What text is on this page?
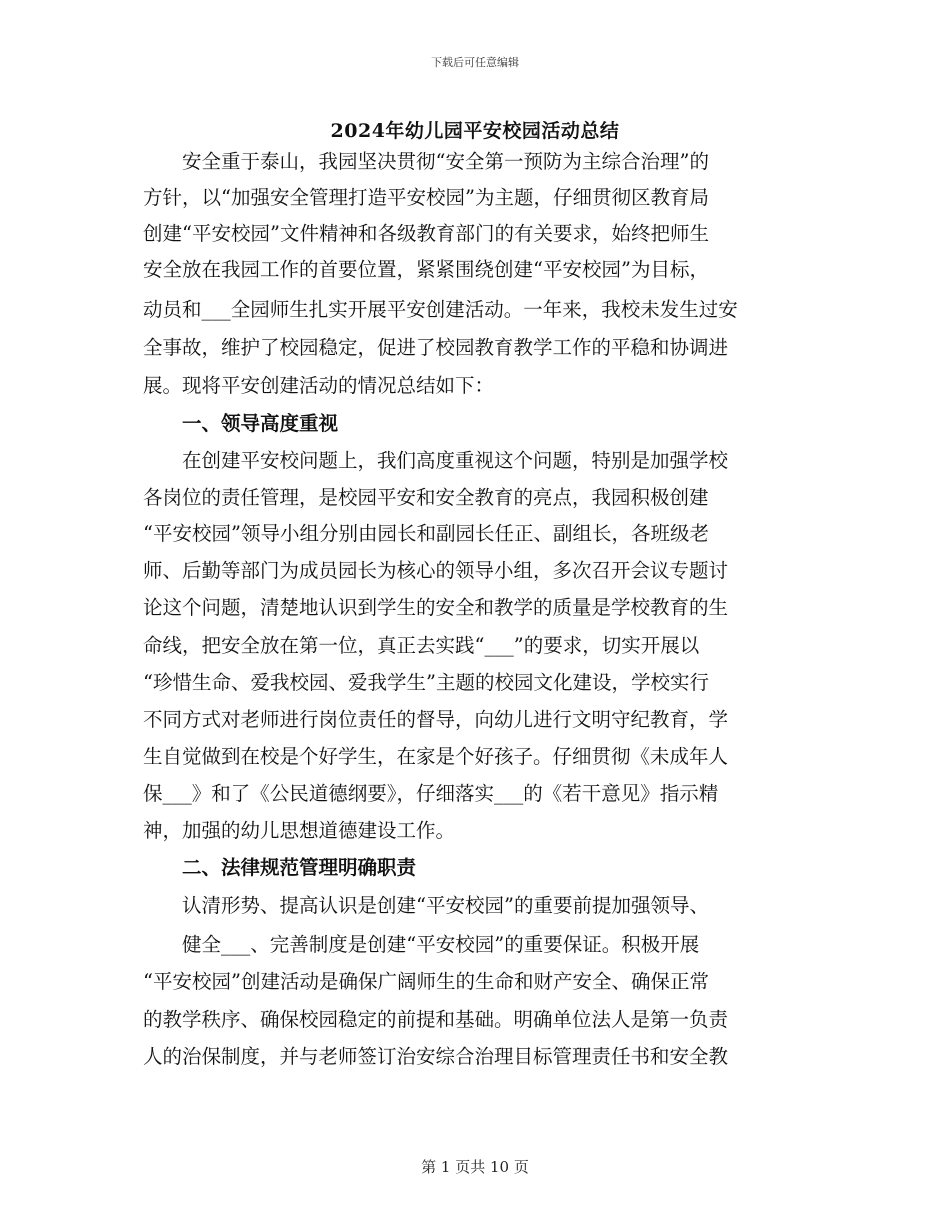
下载后可任意编辑
2024年幼儿园平安校园活动总结
　　安全重于泰山，我园坚决贯彻“安全第一预防为主综合治理”的
方针，以“加强安全管理打造平安校园”为主题，仔细贯彻区教育局
创建“平安校园”文件精神和各级教育部门的有关要求，始终把师生
安全放在我园工作的首要位置，紧紧围绕创建“平安校园”为目标，
动员和___全园师生扎实开展平安创建活动。一年来，我校未发生过安
全事故，维护了校园稳定，促进了校园教育教学工作的平稳和协调进
展。现将平安创建活动的情况总结如下：
　　一、领导高度重视
　　在创建平安校问题上，我们高度重视这个问题，特别是加强学校
各岗位的责任管理，是校园平安和安全教育的亮点，我园积极创建
“平安校园”领导小组分别由园长和副园长任正、副组长，各班级老
师、后勤等部门为成员园长为核心的领导小组，多次召开会议专题讨
论这个问题，清楚地认识到学生的安全和教学的质量是学校教育的生
命线，把安全放在第一位，真正去实践“___”的要求，切实开展以
“珍惜生命、爱我校园、爱我学生”主题的校园文化建设，学校实行
不同方式对老师进行岗位责任的督导，向幼儿进行文明守纪教育，学
生自觉做到在校是个好学生，在家是个好孩子。仔细贯彻《未成年人
保___》和了《公民道德纲要》，仔细落实___的《若干意见》指示精
神，加强的幼儿思想道德建设工作。
　　二、法律规范管理明确职责
　　认清形势、提高认识是创建“平安校园”的重要前提加强领导、
　　健全___、完善制度是创建“平安校园”的重要保证。积极开展
“平安校园”创建活动是确保广阔师生的生命和财产安全、确保正常
的教学秩序、确保校园稳定的前提和基础。明确单位法人是第一负责
人的治保制度，并与老师签订治安综合治理目标管理责任书和安全教
第 1 页共 10 页
